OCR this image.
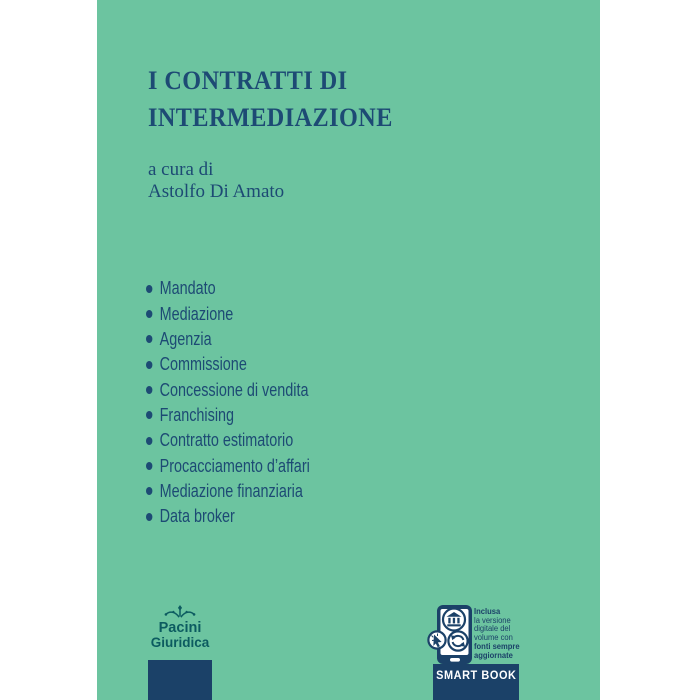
I CONTRATTI DI
INTERMEDIAZIONE
a cura di
Astolfo Di Amato
Mandato
Mediazione
Agenzia
Commissione
Concessione di vendita
Franchising
Contratto estimatorio
Procacciamento d’affari
Mediazione finanziaria
Data broker
Pacini
Giuridica
Inclusa
la versione
digitale del
volume con
fonti sempre
aggiornate
SMART BOOK
